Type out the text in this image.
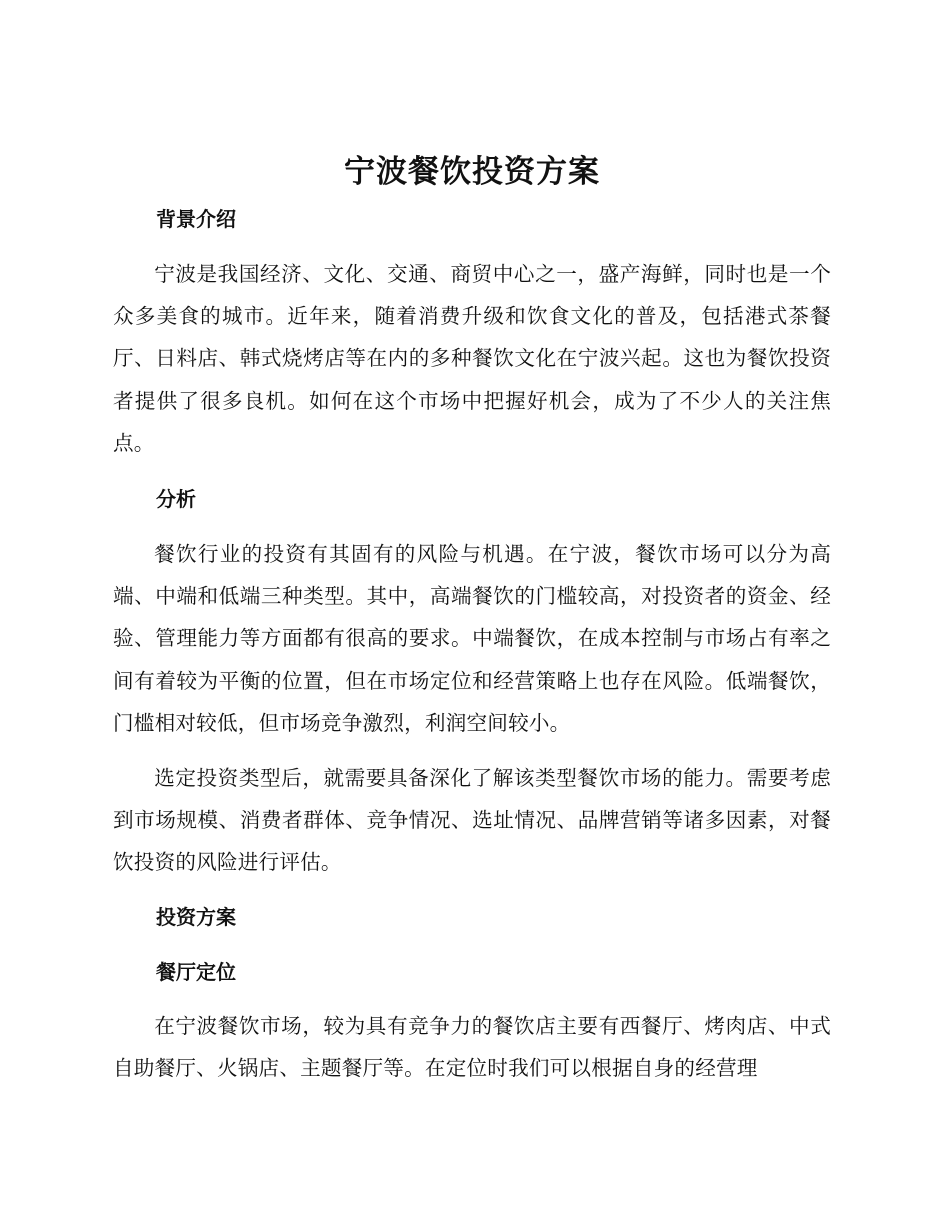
宁波餐饮投资方案
背景介绍

宁波是我国经济、文化、交通、商贸中心之一，盛产海鲜，同时也是一个众多美食的城市。近年来，随着消费升级和饮食文化的普及，包括港式茶餐厅、日料店、韩式烧烤店等在内的多种餐饮文化在宁波兴起。这也为餐饮投资者提供了很多良机。如何在这个市场中把握好机会，成为了不少人的关注焦点。

分析

餐饮行业的投资有其固有的风险与机遇。在宁波，餐饮市场可以分为高端、中端和低端三种类型。其中，高端餐饮的门槛较高，对投资者的资金、经验、管理能力等方面都有很高的要求。中端餐饮，在成本控制与市场占有率之间有着较为平衡的位置，但在市场定位和经营策略上也存在风险。低端餐饮，门槛相对较低，但市场竞争激烈，利润空间较小。

选定投资类型后，就需要具备深化了解该类型餐饮市场的能力。需要考虑到市场规模、消费者群体、竞争情况、选址情况、品牌营销等诸多因素，对餐饮投资的风险进行评估。

投资方案
餐厅定位

在宁波餐饮市场，较为具有竞争力的餐饮店主要有西餐厅、烤肉店、中式自助餐厅、火锅店、主题餐厅等。在定位时我们可以根据自身的经营理
